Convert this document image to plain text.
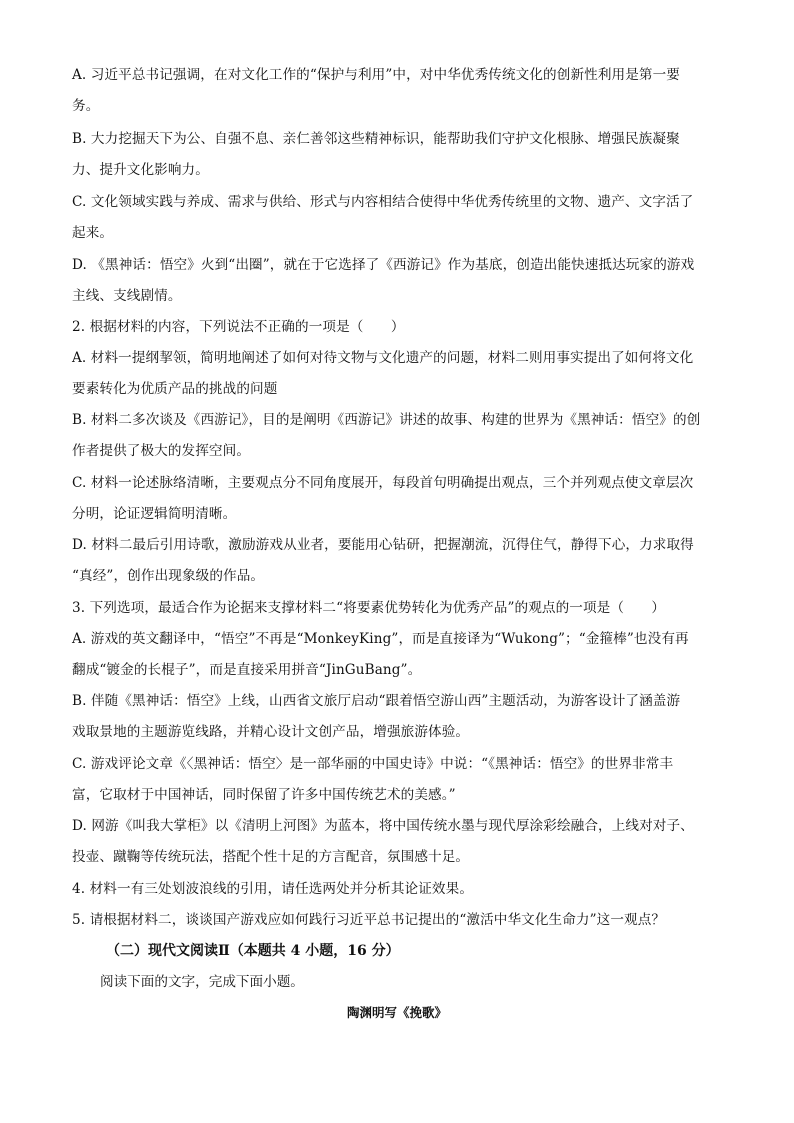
A. 习近平总书记强调，在对文化工作的“保护与利用”中，对中华优秀传统文化的创新性利用是第一要
务。
B. 大力挖掘天下为公、自强不息、亲仁善邻这些精神标识，能帮助我们守护文化根脉、增强民族凝聚
力、提升文化影响力。
C. 文化领域实践与养成、需求与供给、形式与内容相结合使得中华优秀传统里的文物、遗产、文字活了
起来。
D. 《黑神话：悟空》火到“出圈”，就在于它选择了《西游记》作为基底，创造出能快速抵达玩家的游戏
主线、支线剧情。
2. 根据材料的内容，下列说法不正确的一项是（　　）
A. 材料一提纲挈领，简明地阐述了如何对待文物与文化遗产的问题，材料二则用事实提出了如何将文化
要素转化为优质产品的挑战的问题
B. 材料二多次谈及《西游记》，目的是阐明《西游记》讲述的故事、构建的世界为《黑神话：悟空》的创
作者提供了极大的发挥空间。
C. 材料一论述脉络清晰，主要观点分不同角度展开，每段首句明确提出观点，三个并列观点使文章层次
分明，论证逻辑简明清晰。
D. 材料二最后引用诗歌，激励游戏从业者，要能用心钻研，把握潮流，沉得住气，静得下心，力求取得
“真经”，创作出现象级的作品。
3. 下列选项，最适合作为论据来支撑材料二“将要素优势转化为优秀产品”的观点的一项是（　　）
A. 游戏的英文翻译中，“悟空”不再是“MonkeyKing”，而是直接译为“Wukong”；“金箍棒”也没有再
翻成“镀金的长棍子”，而是直接采用拼音“JinGuBang”。
B. 伴随《黑神话：悟空》上线，山西省文旅厅启动“跟着悟空游山西”主题活动，为游客设计了涵盖游
戏取景地的主题游览线路，并精心设计文创产品，增强旅游体验。
C. 游戏评论文章《〈黑神话：悟空〉是一部华丽的中国史诗》中说：“《黑神话：悟空》的世界非常丰
富，它取材于中国神话，同时保留了许多中国传统艺术的美感。”
D. 网游《叫我大掌柜》以《清明上河图》为蓝本，将中国传统水墨与现代厚涂彩绘融合，上线对对子、
投壶、蹴鞠等传统玩法，搭配个性十足的方言配音，氛围感十足。
4. 材料一有三处划波浪线的引用，请任选两处并分析其论证效果。
5. 请根据材料二，谈谈国产游戏应如何践行习近平总书记提出的“激活中华文化生命力”这一观点？
（二）现代文阅读Ⅱ（本题共 4 小题，16 分）
阅读下面的文字，完成下面小题。
陶渊明写《挽歌》
